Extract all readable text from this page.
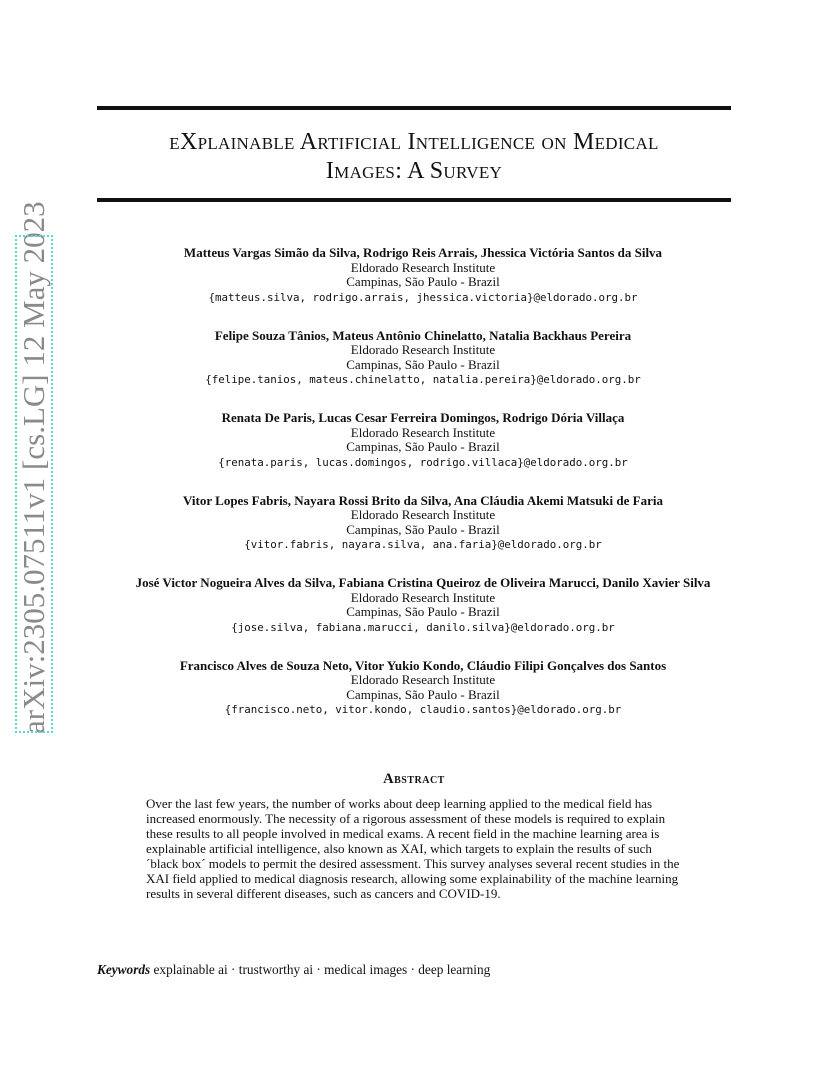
arXiv:2305.07511v1 [cs.LG] 12 May 2023
eXplainable Artificial Intelligence on Medical
Images: A Survey
Matteus Vargas Simão da Silva, Rodrigo Reis Arrais, Jhessica Victória Santos da Silva
Eldorado Research Institute
Campinas, São Paulo - Brazil
{matteus.silva, rodrigo.arrais, jhessica.victoria}@eldorado.org.br
Felipe Souza Tânios, Mateus Antônio Chinelatto, Natalia Backhaus Pereira
Eldorado Research Institute
Campinas, São Paulo - Brazil
{felipe.tanios, mateus.chinelatto, natalia.pereira}@eldorado.org.br
Renata De Paris, Lucas Cesar Ferreira Domingos, Rodrigo Dória Villaça
Eldorado Research Institute
Campinas, São Paulo - Brazil
{renata.paris, lucas.domingos, rodrigo.villaca}@eldorado.org.br
Vitor Lopes Fabris, Nayara Rossi Brito da Silva, Ana Cláudia Akemi Matsuki de Faria
Eldorado Research Institute
Campinas, São Paulo - Brazil
{vitor.fabris, nayara.silva, ana.faria}@eldorado.org.br
José Victor Nogueira Alves da Silva, Fabiana Cristina Queiroz de Oliveira Marucci, Danilo Xavier Silva
Eldorado Research Institute
Campinas, São Paulo - Brazil
{jose.silva, fabiana.marucci, danilo.silva}@eldorado.org.br
Francisco Alves de Souza Neto, Vitor Yukio Kondo, Cláudio Filipi Gonçalves dos Santos
Eldorado Research Institute
Campinas, São Paulo - Brazil
{francisco.neto, vitor.kondo, claudio.santos}@eldorado.org.br
Abstract

Over the last few years, the number of works about deep learning applied to the medical field has increased enormously. The necessity of a rigorous assessment of these models is required to explain these results to all people involved in medical exams. A recent field in the machine learning area is explainable artificial intelligence, also known as XAI, which targets to explain the results of such ´black box´ models to permit the desired assessment. This survey analyses several recent studies in the XAI field applied to medical diagnosis research, allowing some explainability of the machine learning results in several different diseases, such as cancers and COVID-19.

Keywords explainable ai · trustworthy ai · medical images · deep learning
